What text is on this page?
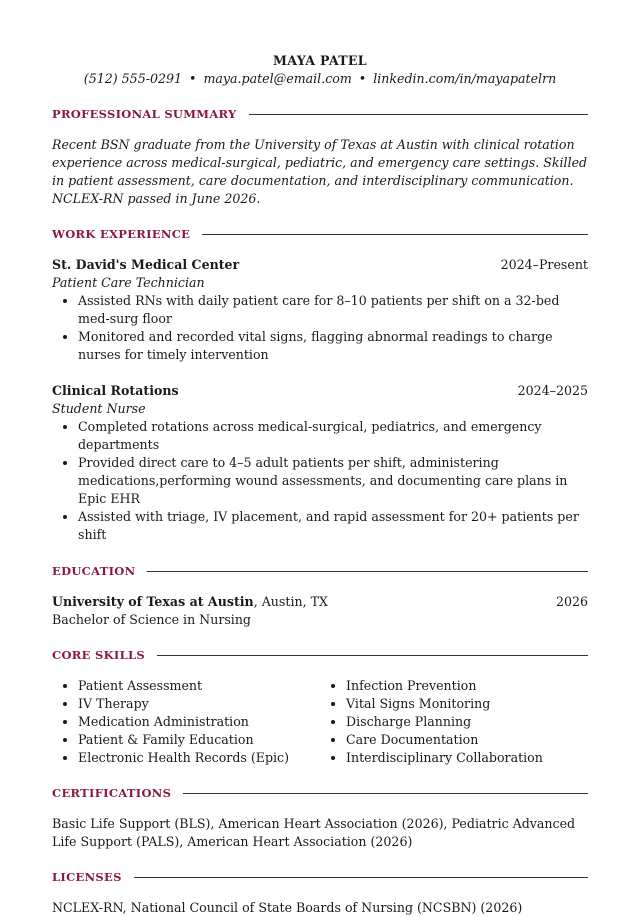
MAYA PATEL
(512) 555-0291 • maya.patel@email.com • linkedin.com/in/mayapatelrn
PROFESSIONAL SUMMARY

Recent BSN graduate from the University of Texas at Austin with clinical rotation experience across medical-surgical, pediatric, and emergency care settings. Skilled in patient assessment, care documentation, and interdisciplinary communication. NCLEX-RN passed in June 2026.

WORK EXPERIENCE
St. David's Medical Center	2024–Present
Patient Care Technician
• Assisted RNs with daily patient care for 8–10 patients per shift on a 32-bed med-surg floor
• Monitored and recorded vital signs, flagging abnormal readings to charge nurses for timely intervention
Clinical Rotations	2024–2025
Student Nurse
• Completed rotations across medical-surgical, pediatrics, and emergency departments
• Provided direct care to 4–5 adult patients per shift, administering medications,performing wound assessments, and documenting care plans in Epic EHR
• Assisted with triage, IV placement, and rapid assessment for 20+ patients per shift
EDUCATION
University of Texas at Austin, Austin, TX	2026
Bachelor of Science in Nursing
CORE SKILLS
• Patient Assessment
• IV Therapy
• Medication Administration
• Patient & Family Education
• Electronic Health Records (Epic)
• Infection Prevention
• Vital Signs Monitoring
• Discharge Planning
• Care Documentation
• Interdisciplinary Collaboration
CERTIFICATIONS

Basic Life Support (BLS), American Heart Association (2026), Pediatric Advanced Life Support (PALS), American Heart Association (2026)

LICENSES

NCLEX-RN, National Council of State Boards of Nursing (NCSBN) (2026)
